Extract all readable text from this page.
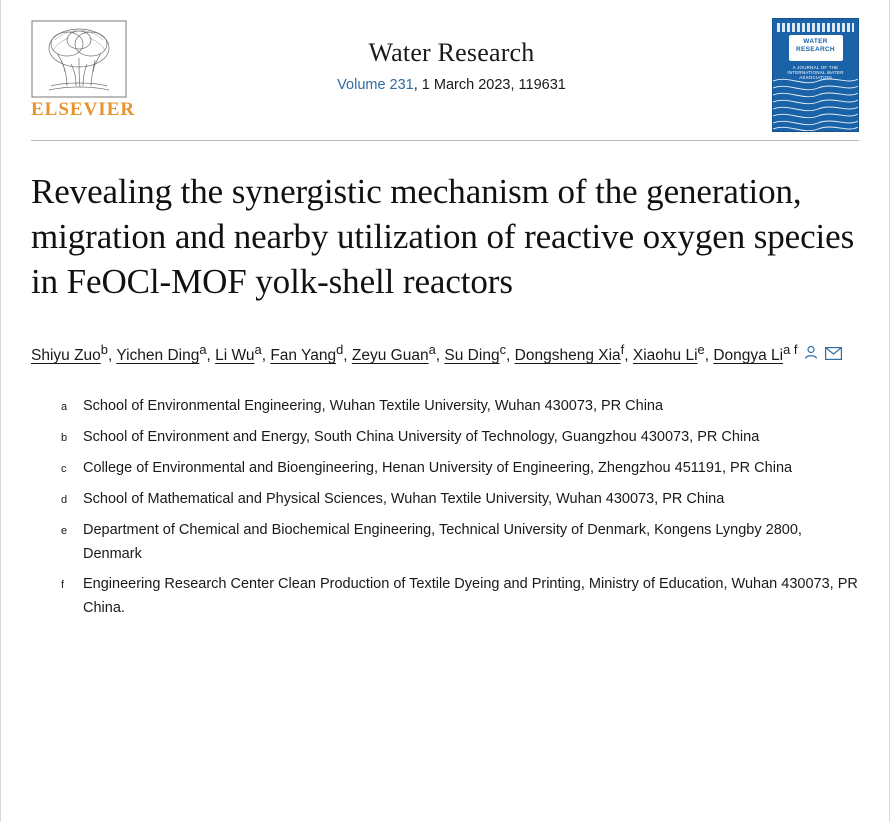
ELSEVIER
Water Research
Volume 231, 1 March 2023, 119631
WATER
RESEARCH
A JOURNAL OF THE INTERNATIONAL WATER ASSOCIATION
Revealing the synergistic mechanism of the generation, migration and nearby utilization of reactive oxygen species in FeOCl-MOF yolk-shell reactors
Shiyu Zuo$^b$, Yichen Ding$^a$, Li Wu$^a$, Fan Yang$^d$, Zeyu Guan$^a$, Su Ding$^c$, Dongsheng Xia$^f$, Xiaohu Li$^e$, Dongya $Li^{a f}$
a	School of Environmental Engineering, Wuhan Textile University, Wuhan 430073, PR China
b	School of Environment and Energy, South China University of Technology, Guangzhou 430073, PR China
c	College of Environmental and Bioengineering, Henan University of Engineering, Zhengzhou 451191, PR China
d	School of Mathematical and Physical Sciences, Wuhan Textile University, Wuhan 430073, PR China
e	Department of Chemical and Biochemical Engineering, Technical University of Denmark, Kongens Lyngby 2800, Denmark
f	Engineering Research Center Clean Production of Textile Dyeing and Printing, Ministry of Education, Wuhan 430073, PR China.
